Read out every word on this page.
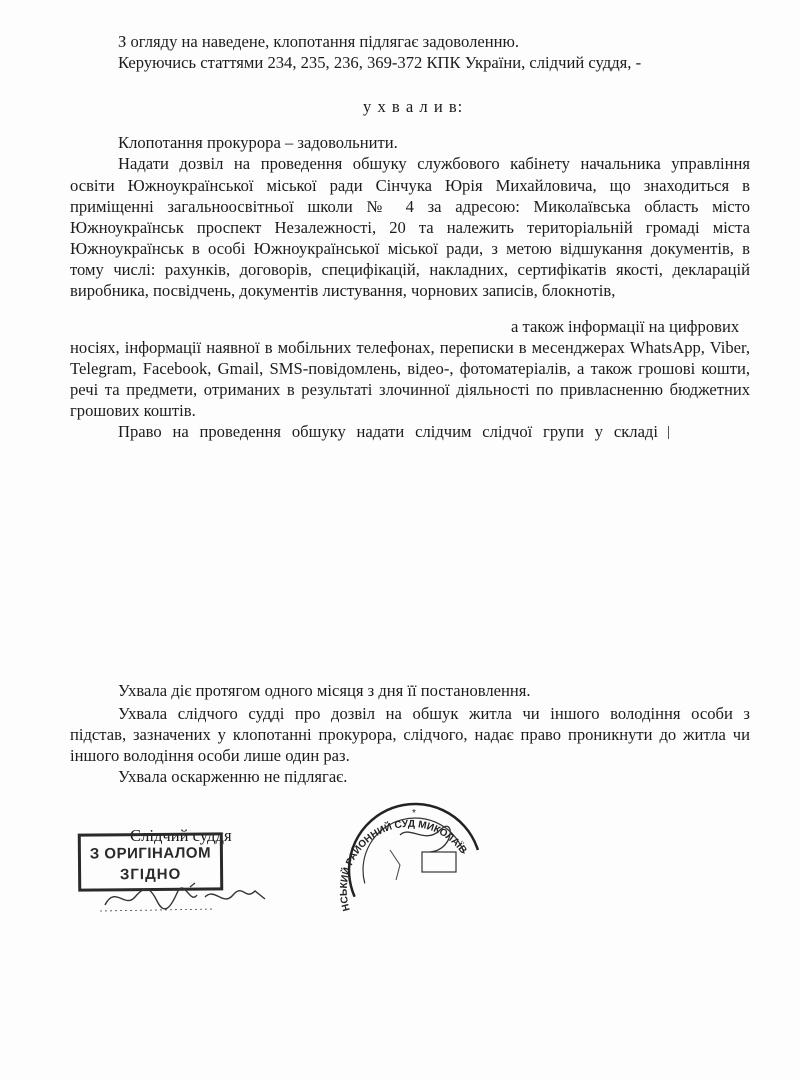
З огляду на наведене, клопотання підлягає задоволенню.
Керуючись статтями 234, 235, 236, 369-372 КПК України, слідчий суддя, -
у х в а л и в:
Клопотання прокурора – задовольнити.
Надати дозвіл на проведення обшуку службового кабінету начальника управління
освіти Южноукраїнської міської ради Сінчука Юрія Михайловича, що знаходиться в
приміщенні загальноосвітньої школи № 4 за адресою: Миколаївська область місто
Южноукраїнськ проспект Незалежності, 20 та належить територіальній громаді міста
Южноукраїнськ в особі Южноукраїнської міської ради, з метою відшукання документів, в
тому числі: рахунків, договорів, специфікацій, накладних, сертифікатів якості, декларацій
виробника, посвідчень, документів листування, чорнових записів, блокнотів,
а також інформації на цифрових
носіях, інформації наявної в мобільних телефонах, переписки в месенджерах WhatsApp, Viber,
Telegram, Facebook, Gmail, SMS-повідомлень, відео-, фотоматеріалів, а також грошові кошти,
речі та предмети, отриманих в результаті злочинної діяльності по привласненню бюджетних
грошових коштів.
Право на проведення обшуку надати слідчим слідчої групи у складі
Ухвала діє протягом одного місяця з дня її постановлення.
Ухвала слідчого судді про дозвіл на обшук житла чи іншого володіння особи з
підстав, зазначених у клопотанні прокурора, слідчого, надає право проникнути до житла чи
іншого володіння особи лише один раз.
Ухвала оскарженню не підлягає.
Слідчий суддя
З ОРИГІНАЛОМ
ЗГІДНО
НСЬКИЙ РАЙОННИЙ СУД МИКОЛАЇВ
*
